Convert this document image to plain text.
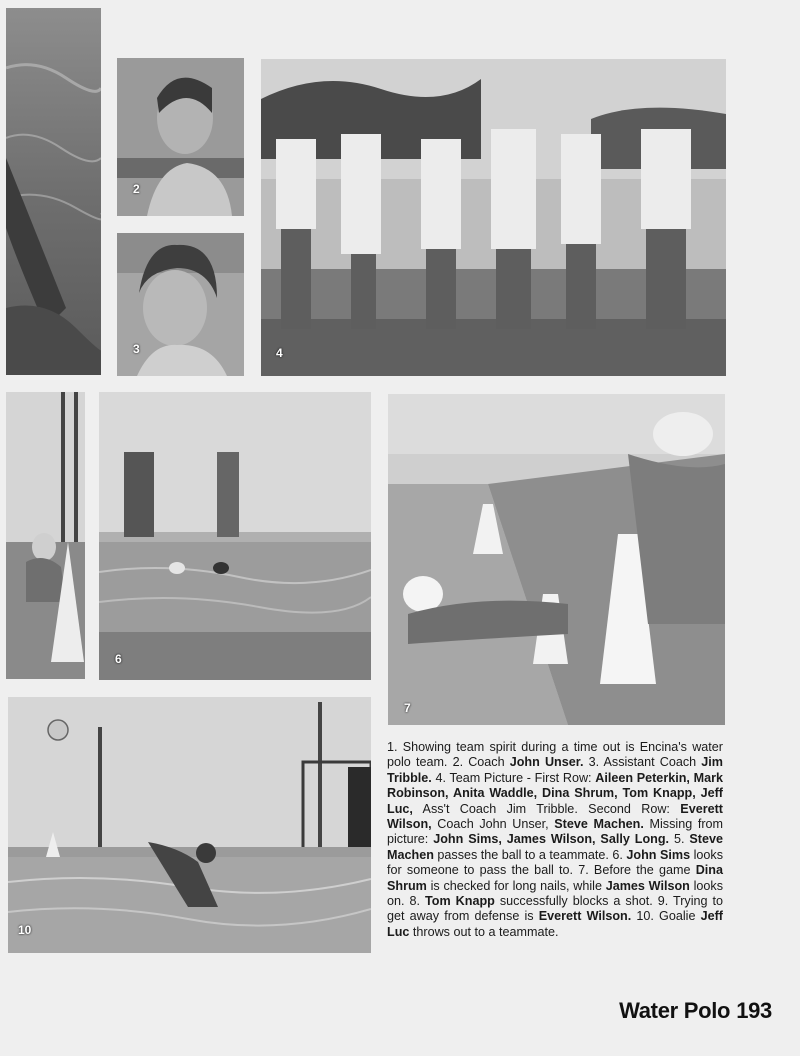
2
3	4
6
7
10
1. Showing team spirit during a time out is Encina's water polo team. 2. Coach John Unser. 3. Assistant Coach Jim Tribble. 4. Team Picture - First Row: Aileen Peterkin, Mark Robinson, Anita Waddle, Dina Shrum, Tom Knapp, Jeff Luc, Ass't Coach Jim Tribble. Second Row: Everett Wilson, Coach John Unser, Steve Machen. Missing from picture: John Sims, James Wilson, Sally Long. 5. Steve Machen passes the ball to a teammate. 6. John Sims looks for someone to pass the ball to. 7. Before the game Dina Shrum is checked for long nails, while James Wilson looks on. 8. Tom Knapp successfully blocks a shot. 9. Trying to get away from defense is Everett Wilson. 10. Goalie Jeff Luc throws out to a teammate.
Water Polo 193
